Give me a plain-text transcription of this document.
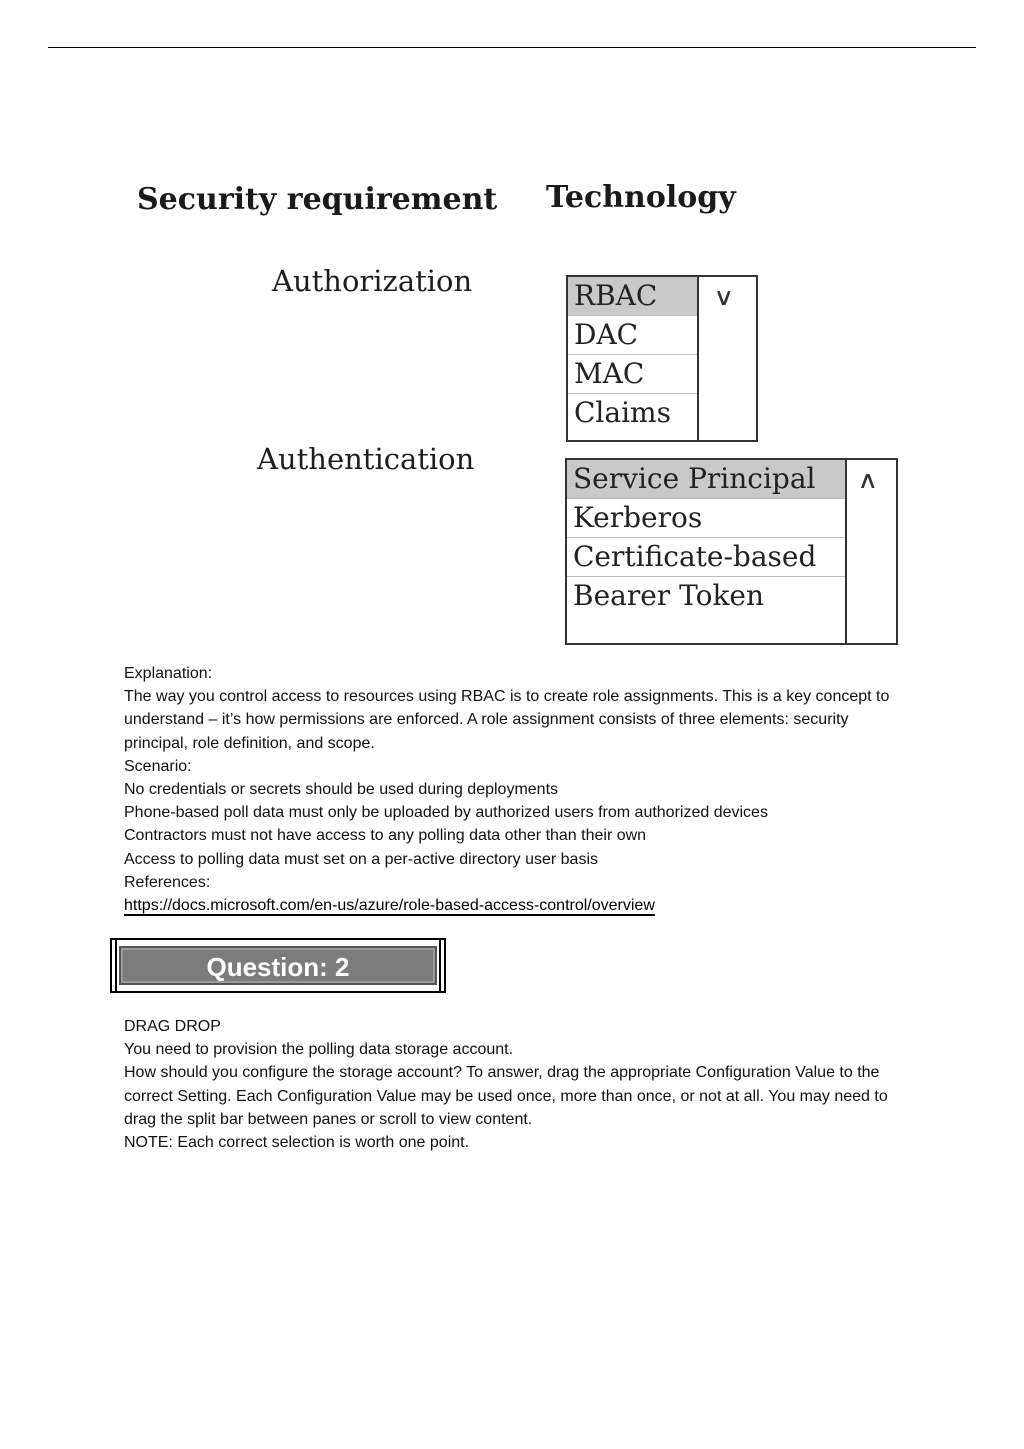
Security requirement Technology
Authorization	RBAC
DAC
MAC
Claims
∨
Authentication
Service Principal
Kerberos
Certificate-based
Bearer Token
∧

Explanation:

The way you control access to resources using RBAC is to create role assignments. This is a key concept to understand – it’s how permissions are enforced. A role assignment consists of three elements: security principal, role definition, and scope.

Scenario:

No credentials or secrets should be used during deployments

Phone-based poll data must only be uploaded by authorized users from authorized devices

Contractors must not have access to any polling data other than their own

Access to polling data must set on a per-active directory user basis

References:

https://docs.microsoft.com/en-us/azure/role-based-access-control/overview

Question: 2

DRAG DROP

You need to provision the polling data storage account.

How should you configure the storage account? To answer, drag the appropriate Configuration Value to the correct Setting. Each Configuration Value may be used once, more than once, or not at all. You may need to drag the split bar between panes or scroll to view content.

NOTE: Each correct selection is worth one point.
